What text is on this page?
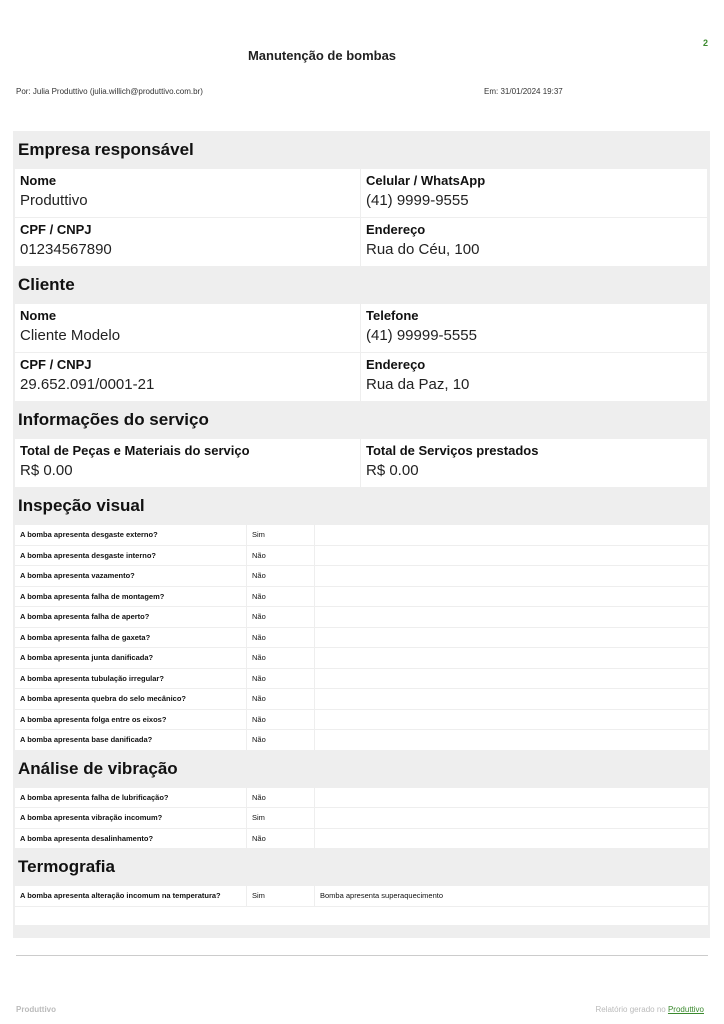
2
Manutenção de bombas
Por: Julia Produttivo (julia.willich@produttivo.com.br)	Em: 31/01/2024 19:37
Empresa responsável
Nome
Produttivo
Celular / WhatsApp
(41) 9999-9555
CPF / CNPJ
01234567890
Endereço
Rua do Céu, 100
Cliente
Nome
Cliente Modelo
Telefone
(41) 99999-5555
CPF / CNPJ
29.652.091/0001-21
Endereço
Rua da Paz, 10
Informações do serviço
Total de Peças e Materiais do serviço
R$ 0.00
Total de Serviços prestados
R$ 0.00
Inspeção visual
A bomba apresenta desgaste externo?	Sim
A bomba apresenta desgaste interno?	Não
A bomba apresenta vazamento?	Não
A bomba apresenta falha de montagem?	Não
A bomba apresenta falha de aperto?	Não
A bomba apresenta falha de gaxeta?	Não
A bomba apresenta junta danificada?	Não
A bomba apresenta tubulação irregular?	Não
A bomba apresenta quebra do selo mecânico?	Não
A bomba apresenta folga entre os eixos?	Não
A bomba apresenta base danificada?	Não
Análise de vibração
A bomba apresenta falha de lubrificação?	Não
A bomba apresenta vibração incomum?	Sim
A bomba apresenta desalinhamento?	Não
Termografia
A bomba apresenta alteração incomum na temperatura?	Sim	Bomba apresenta superaquecimento
Produttivo	Relatório gerado no Produttivo
